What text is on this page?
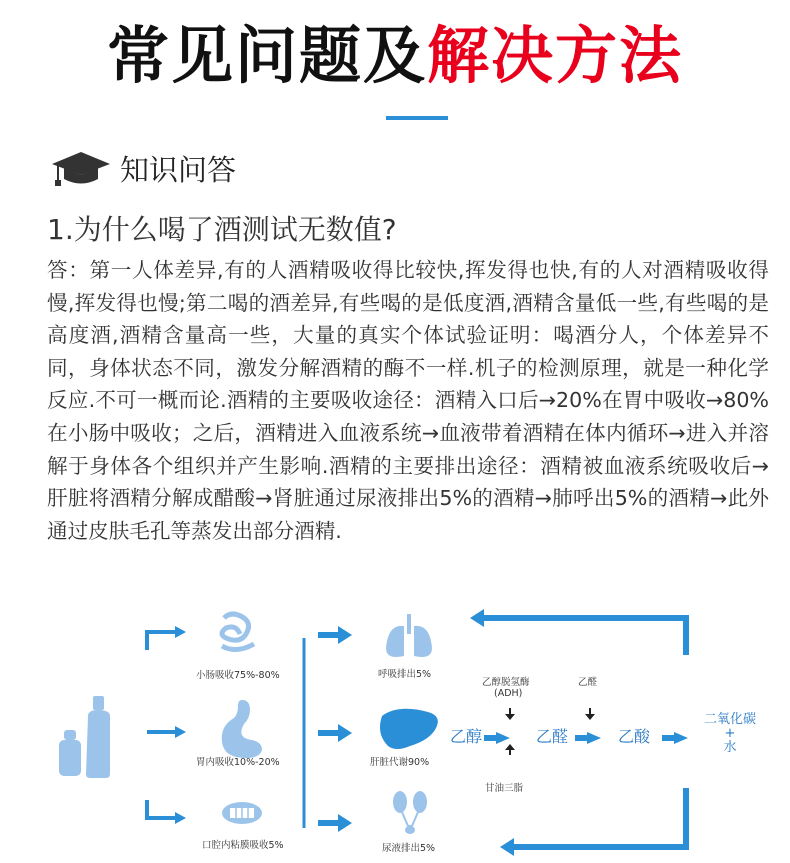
常见问题及解决方法
知识问答
1.为什么喝了酒测试无数值?
答：第一人体差异,有的人酒精吸收得比较快,挥发得也快,有的人对酒精吸收得慢,挥发得也慢;第二喝的酒差异,有些喝的是低度酒,酒精含量低一些,有些喝的是高度酒,酒精含量高一些，大量的真实个体试验证明：喝酒分人，个体差异不同，身体状态不同，激发分解酒精的酶不一样.机子的检测原理，就是一种化学反应.不可一概而论.酒精的主要吸收途径：酒精入口后→20%在胃中吸收→80%在小肠中吸收；之后，酒精进入血液系统→血液带着酒精在体内循环→进入并溶解于身体各个组织并产生影响.酒精的主要排出途径：酒精被血液系统吸收后→肝脏将酒精分解成醋酸→肾脏通过尿液排出5%的酒精→肺呼出5%的酒精→此外通过皮肤毛孔等蒸发出部分酒精.
小肠吸收75%-80%
胃内吸收10%-20%
口腔内粘膜吸收5%
呼吸排出5%
肝脏代谢90%
尿液排出5%
乙醇脱氢酶
(ADH)
乙醛
甘油三脂
乙醇	乙醛	乙酸
二氧化碳
+
水
